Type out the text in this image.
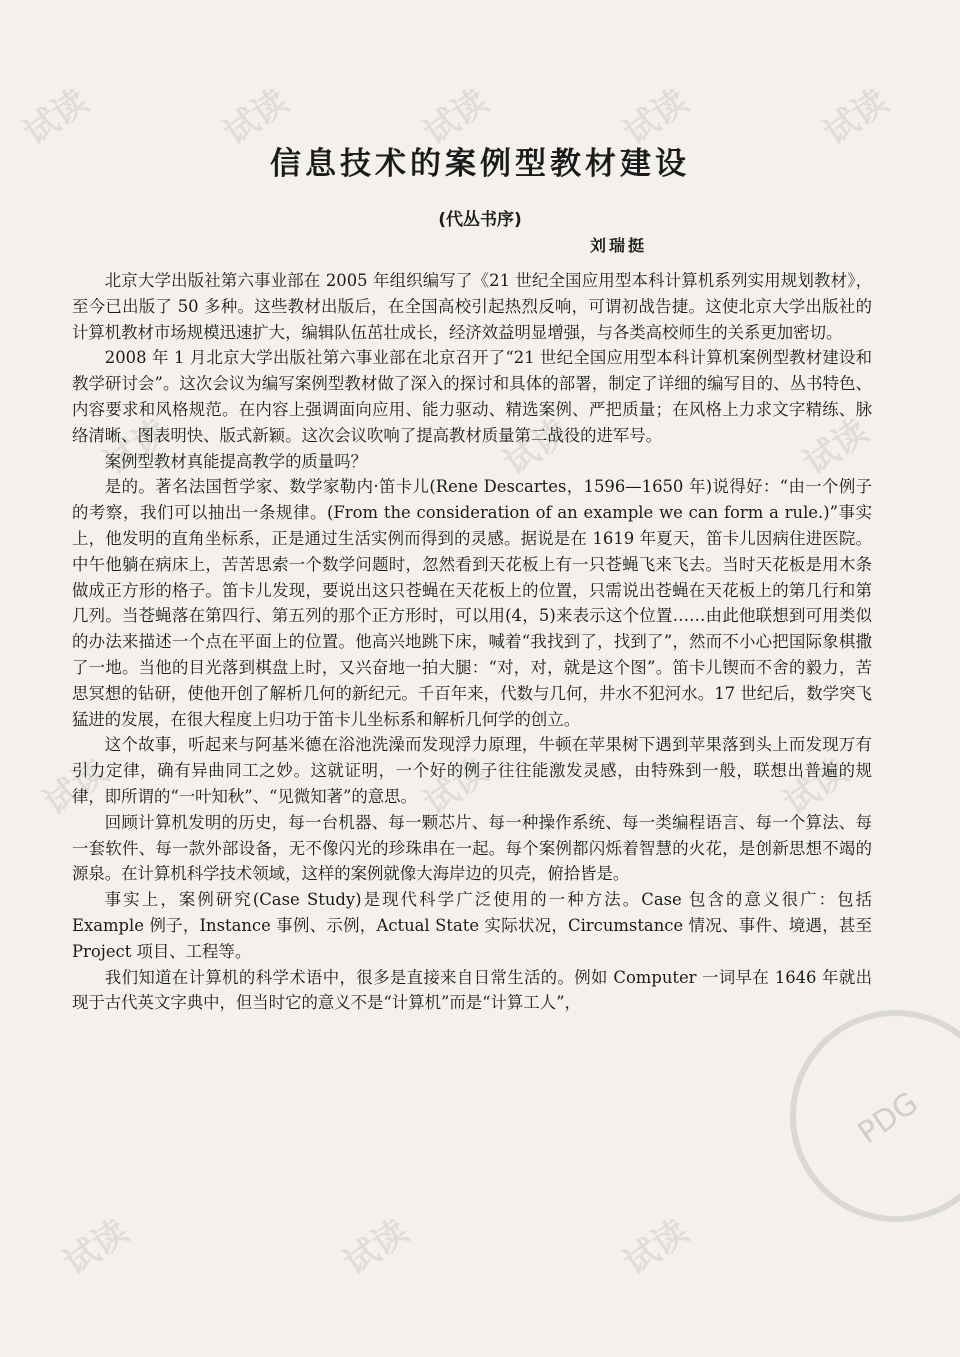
试读	试读	试读	试读	试读
试读	试读	试读
试读	试读	试读
试读	试读	试读
PDG
信息技术的案例型教材建设
(代丛书序)
刘瑞挺

北京大学出版社第六事业部在 2005 年组织编写了《21 世纪全国应用型本科计算机系列实用规划教材》，至今已出版了 50 多种。这些教材出版后，在全国高校引起热烈反响，可谓初战告捷。这使北京大学出版社的计算机教材市场规模迅速扩大，编辑队伍茁壮成长，经济效益明显增强，与各类高校师生的关系更加密切。

2008 年 1 月北京大学出版社第六事业部在北京召开了“21 世纪全国应用型本科计算机案例型教材建设和教学研讨会”。这次会议为编写案例型教材做了深入的探讨和具体的部署，制定了详细的编写目的、丛书特色、内容要求和风格规范。在内容上强调面向应用、能力驱动、精选案例、严把质量；在风格上力求文字精练、脉络清晰、图表明快、版式新颖。这次会议吹响了提高教材质量第二战役的进军号。

案例型教材真能提高教学的质量吗？

是的。著名法国哲学家、数学家勒内·笛卡儿(Rene Descartes，1596—1650 年)说得好：“由一个例子的考察，我们可以抽出一条规律。(From the consideration of an example we can form a rule.)”事实上，他发明的直角坐标系，正是通过生活实例而得到的灵感。据说是在 1619 年夏天，笛卡儿因病住进医院。中午他躺在病床上，苦苦思索一个数学问题时，忽然看到天花板上有一只苍蝇飞来飞去。当时天花板是用木条做成正方形的格子。笛卡儿发现，要说出这只苍蝇在天花板上的位置，只需说出苍蝇在天花板上的第几行和第几列。当苍蝇落在第四行、第五列的那个正方形时，可以用(4，5)来表示这个位置……由此他联想到可用类似的办法来描述一个点在平面上的位置。他高兴地跳下床，喊着“我找到了，找到了”，然而不小心把国际象棋撒了一地。当他的目光落到棋盘上时，又兴奋地一拍大腿：“对，对，就是这个图”。笛卡儿锲而不舍的毅力，苦思冥想的钻研，使他开创了解析几何的新纪元。千百年来，代数与几何，井水不犯河水。17 世纪后，数学突飞猛进的发展，在很大程度上归功于笛卡儿坐标系和解析几何学的创立。

这个故事，听起来与阿基米德在浴池洗澡而发现浮力原理，牛顿在苹果树下遇到苹果落到头上而发现万有引力定律，确有异曲同工之妙。这就证明，一个好的例子往往能激发灵感，由特殊到一般，联想出普遍的规律，即所谓的“一叶知秋”、“见微知著”的意思。

回顾计算机发明的历史，每一台机器、每一颗芯片、每一种操作系统、每一类编程语言、每一个算法、每一套软件、每一款外部设备，无不像闪光的珍珠串在一起。每个案例都闪烁着智慧的火花，是创新思想不竭的源泉。在计算机科学技术领域，这样的案例就像大海岸边的贝壳，俯拾皆是。

事实上，案例研究(Case Study)是现代科学广泛使用的一种方法。Case 包含的意义很广：包括 Example 例子，Instance 事例、示例，Actual State 实际状况，Circumstance 情况、事件、境遇，甚至 Project 项目、工程等。

我们知道在计算机的科学术语中，很多是直接来自日常生活的。例如 Computer 一词早在 1646 年就出现于古代英文字典中，但当时它的意义不是“计算机”而是“计算工人”，
